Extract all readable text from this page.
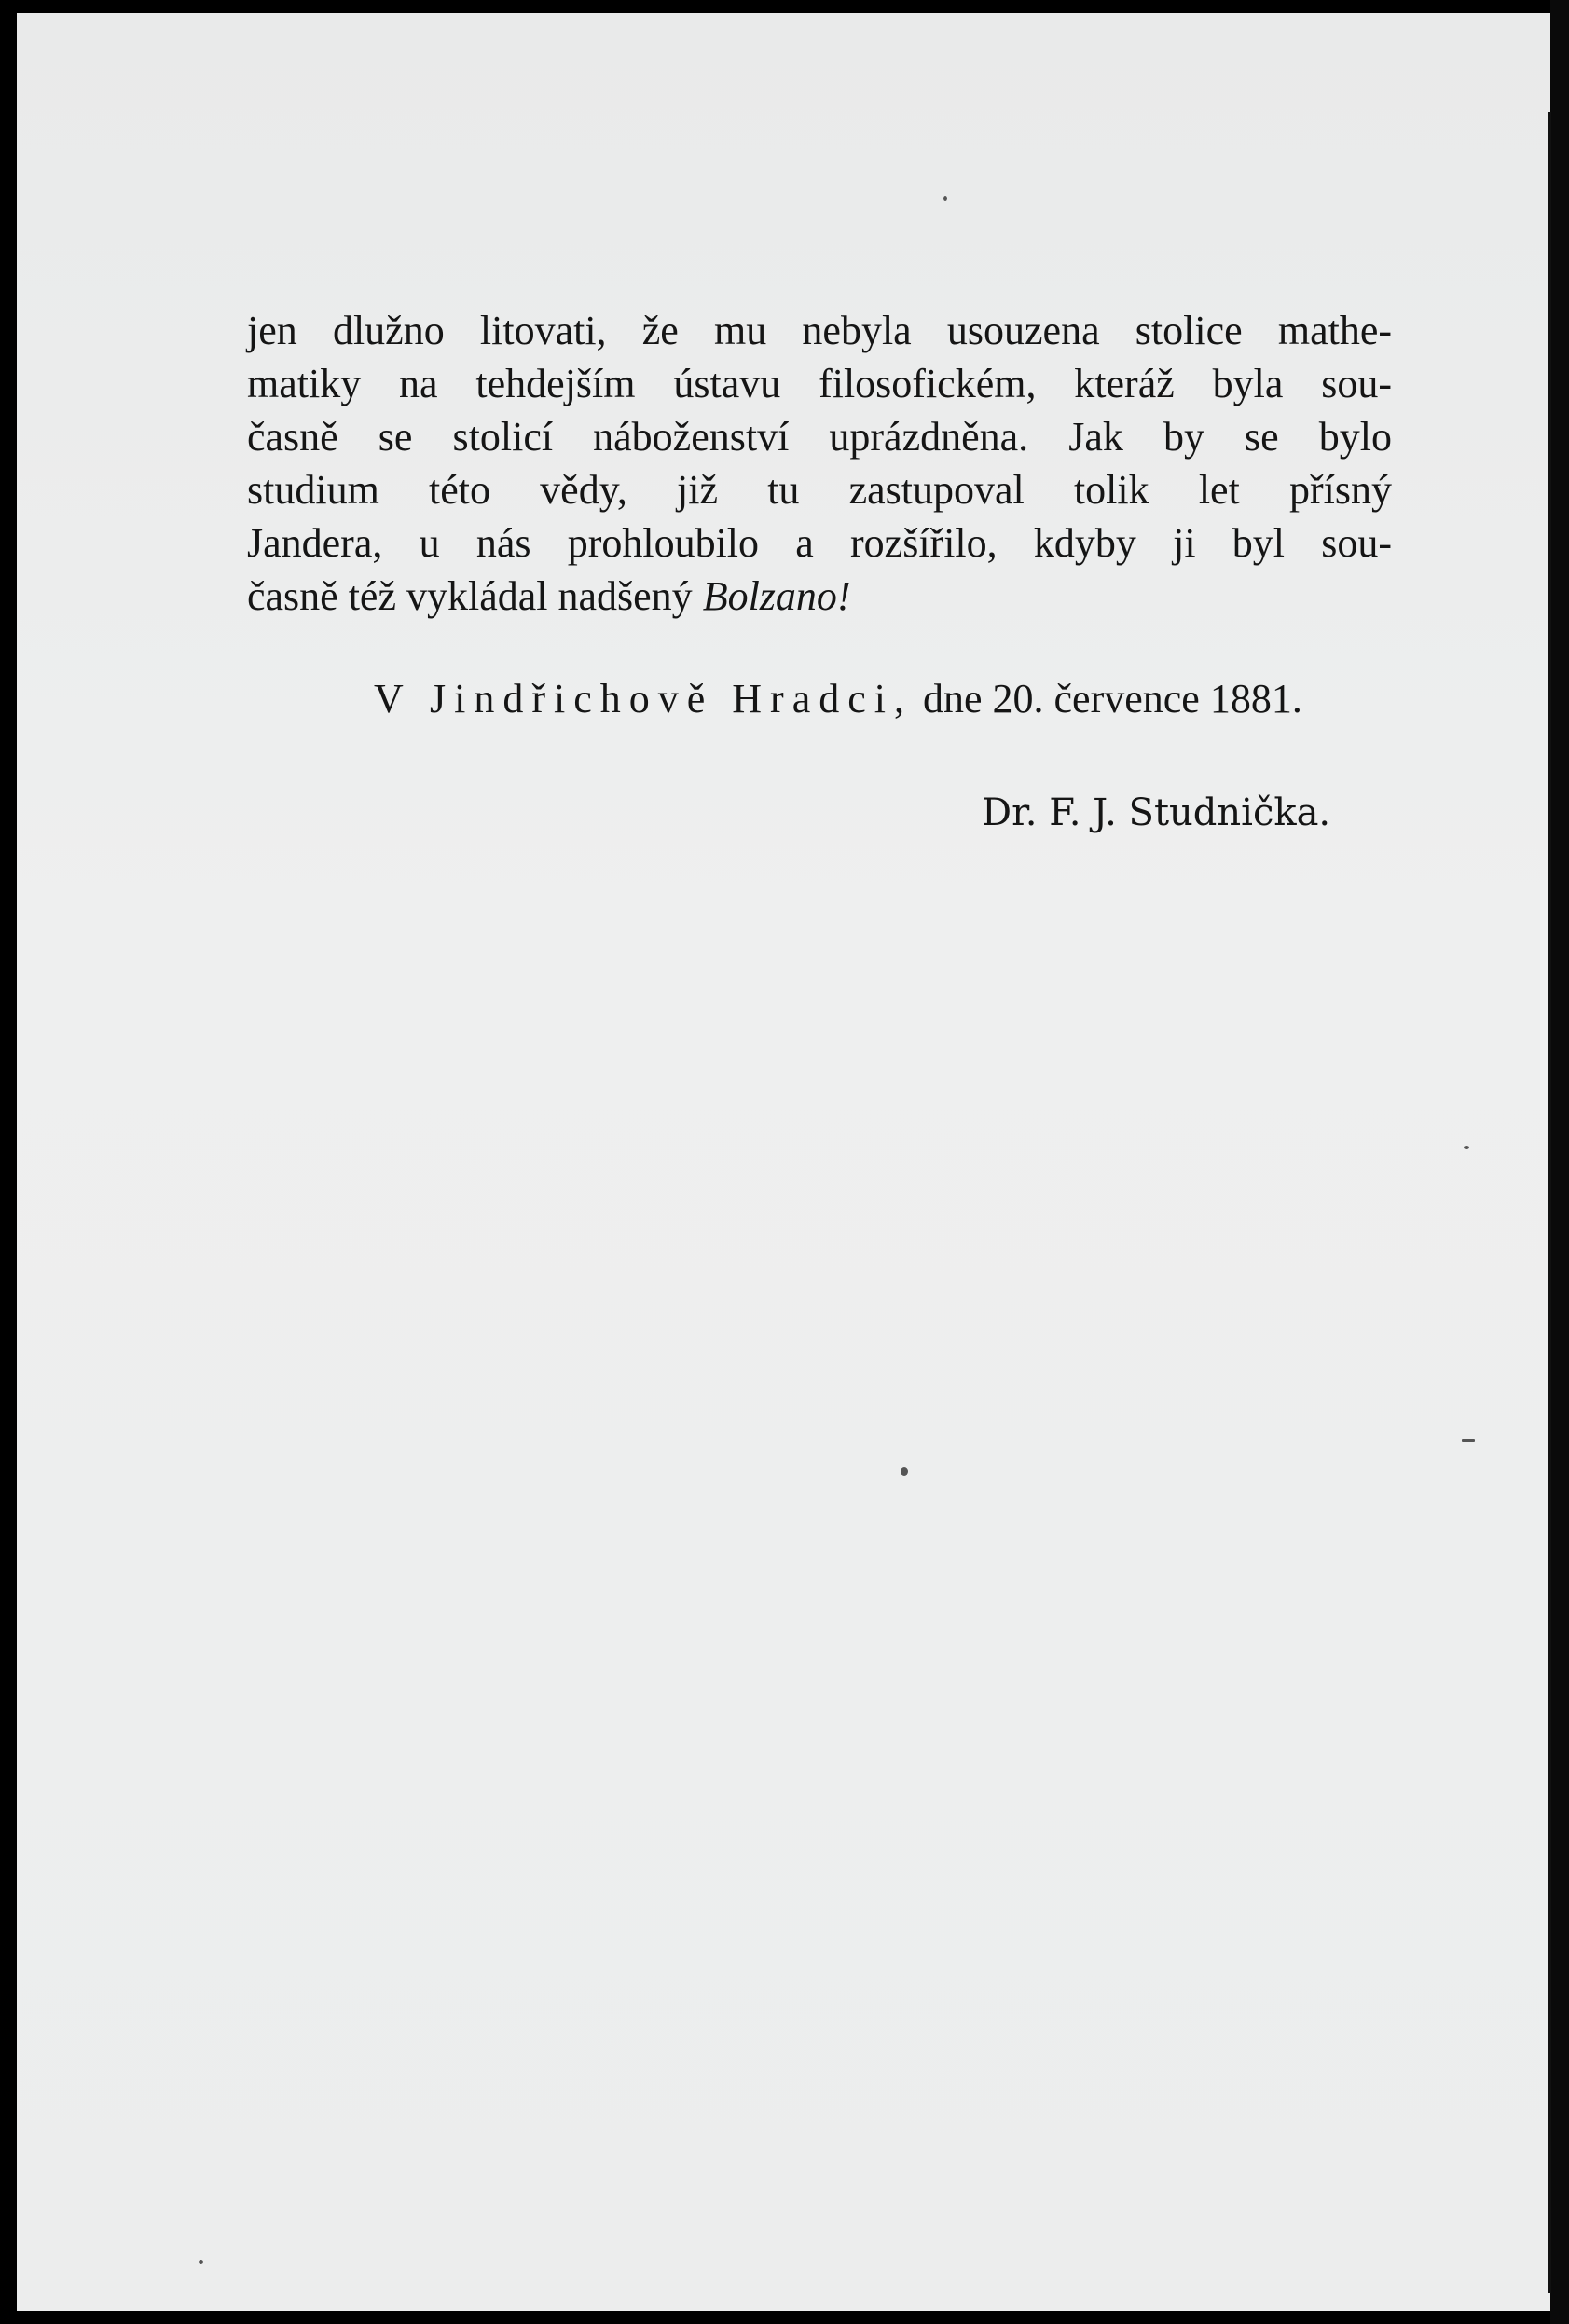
jen dlužno litovati, že mu nebyla usouzena stolice mathe-
matiky na tehdejším ústavu filosofickém, kteráž byla sou-
časně se stolicí náboženství uprázdněna. Jak by se bylo
studium této vědy, již tu zastupoval tolik let přísný
Jandera, u nás prohloubilo a rozšířilo, kdyby ji byl sou-
časně též vykládal nadšený Bolzano!
V Jindřichově Hradci, dne 20. července 1881.
Dr. F. J. Studnička.
